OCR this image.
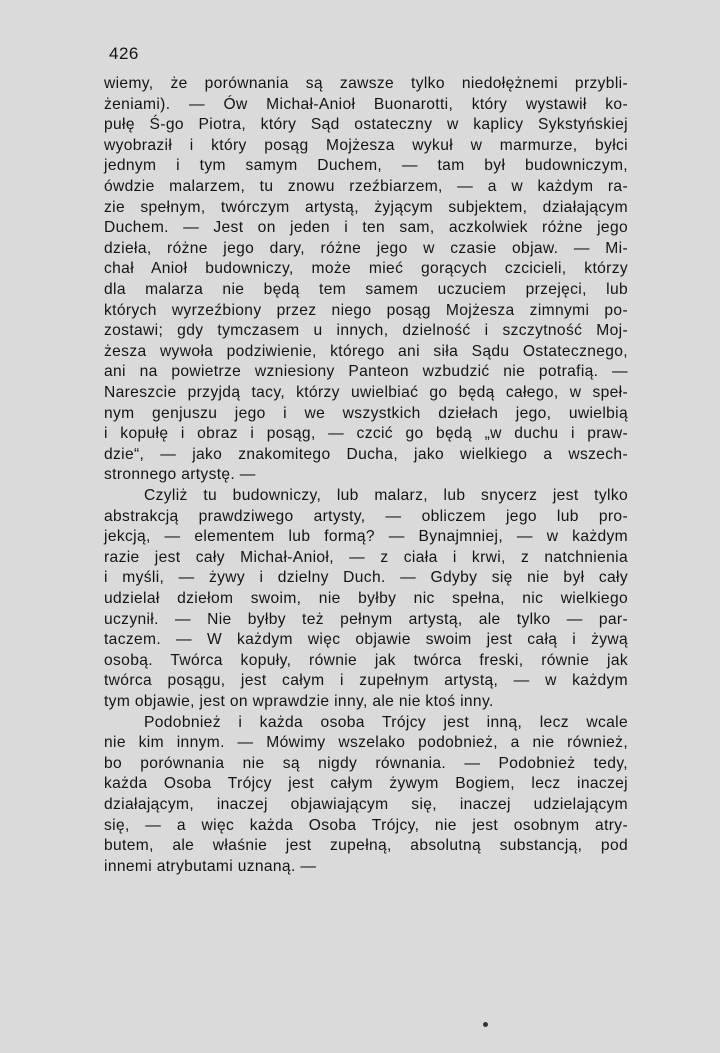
426
wiemy, że porównania są zawsze tylko niedołężnemi przybli-
żeniami). — Ów Michał-Anioł Buonarotti, który wystawił ko-
pułę Ś-go Piotra, który Sąd ostateczny w kaplicy Sykstyńskiej
wyobraził i który posąg Mojżesza wykuł w marmurze, byłci
jednym i tym samym Duchem, — tam był budowniczym,
ówdzie malarzem, tu znowu rzeźbiarzem, — a w każdym ra-
zie spełnym, twórczym artystą, żyjącym subjektem, działającym
Duchem. — Jest on jeden i ten sam, aczkolwiek różne jego
dzieła, różne jego dary, różne jego w czasie objaw. — Mi-
chał Anioł budowniczy, może mieć gorących czcicieli, którzy
dla malarza nie będą tem samem uczuciem przejęci, lub
których wyrzeźbiony przez niego posąg Mojżesza zimnymi po-
zostawi; gdy tymczasem u innych, dzielność i szczytność Moj-
żesza wywoła podziwienie, którego ani siła Sądu Ostatecznego,
ani na powietrze wzniesiony Panteon wzbudzić nie potrafią. —
Nareszcie przyjdą tacy, którzy uwielbiać go będą całego, w speł-
nym genjuszu jego i we wszystkich dziełach jego, uwielbią
i kopułę i obraz i posąg, — czcić go będą „w duchu i praw-
dzie“, — jako znakomitego Ducha, jako wielkiego a wszech-
stronnego artystę. —
Czyliż tu budowniczy, lub malarz, lub snycerz jest tylko
abstrakcją prawdziwego artysty, — obliczem jego lub pro-
jekcją, — elementem lub formą? — Bynajmniej, — w każdym
razie jest cały Michał-Anioł, — z ciała i krwi, z natchnienia
i myśli, — żywy i dzielny Duch. — Gdyby się nie był cały
udzielał dziełom swoim, nie byłby nic spełna, nic wielkiego
uczynił. — Nie byłby też pełnym artystą, ale tylko — par-
taczem. — W każdym więc objawie swoim jest całą i żywą
osobą. Twórca kopuły, równie jak twórca freski, równie jak
twórca posągu, jest całym i zupełnym artystą, — w każdym
tym objawie, jest on wprawdzie inny, ale nie ktoś inny.
Podobnież i każda osoba Trójcy jest inną, lecz wcale
nie kim innym. — Mówimy wszelako podobnież, a nie również,
bo porównania nie są nigdy równania. — Podobnież tedy,
każda Osoba Trójcy jest całym żywym Bogiem, lecz inaczej
działającym, inaczej objawiającym się, inaczej udzielającym
się, — a więc każda Osoba Trójcy, nie jest osobnym atry-
butem, ale właśnie jest zupełną, absolutną substancją, pod
innemi atrybutami uznaną. —
